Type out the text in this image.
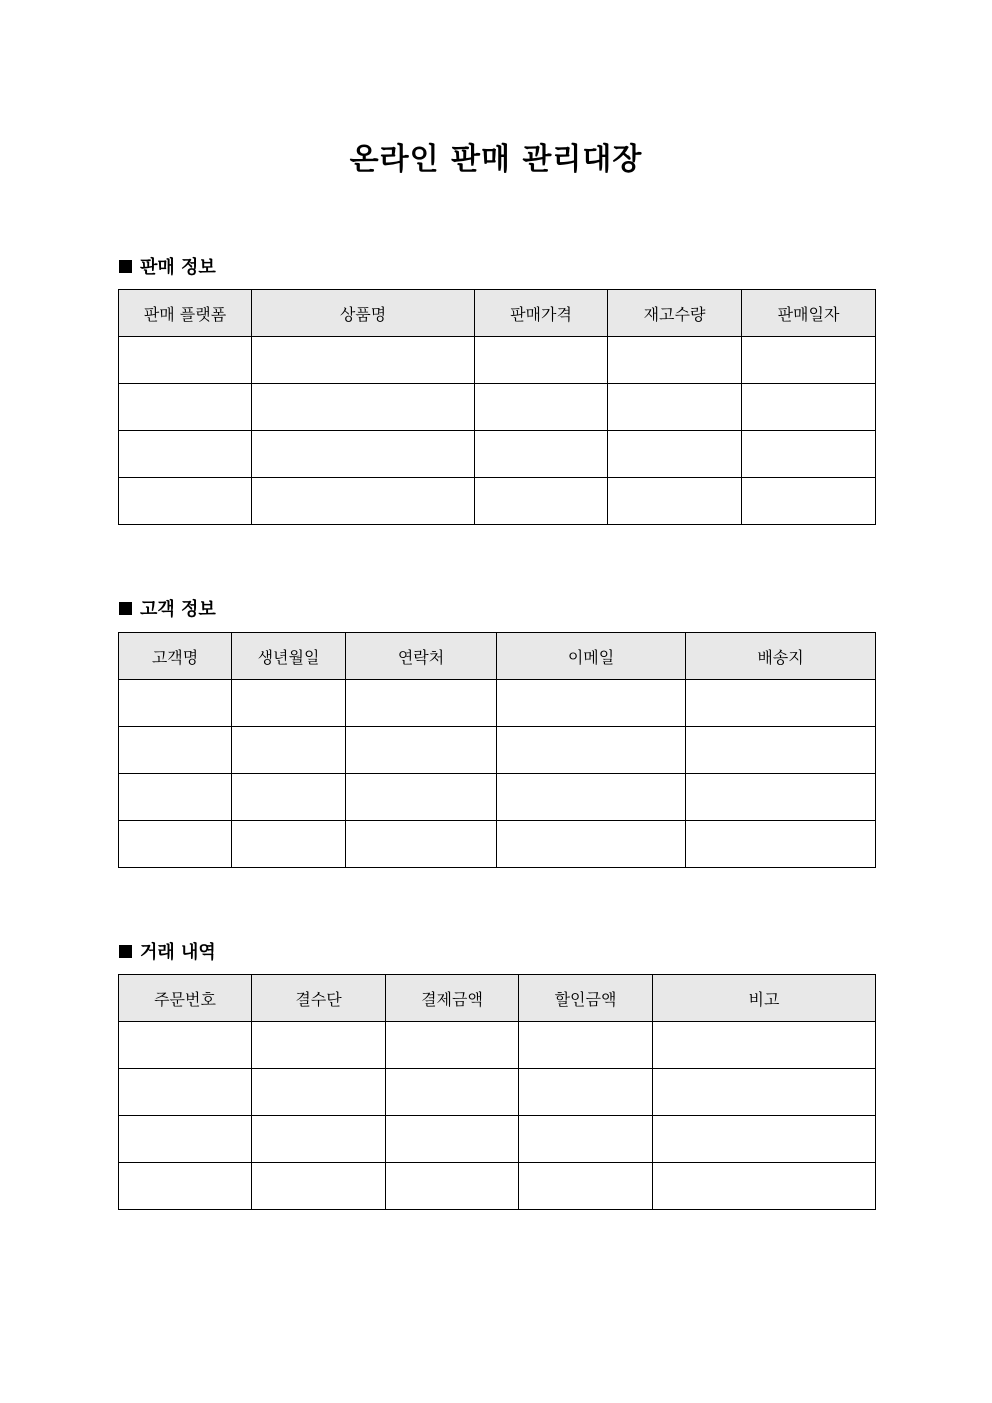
온라인 판매 관리대장
판매 정보
판매 플랫폼	상품명	판매가격	재고수량	판매일자

고객 정보
고객명	생년월일	연락처	이메일	배송지

거래 내역
주문번호	결수단	결제금액	할인금액	비고
